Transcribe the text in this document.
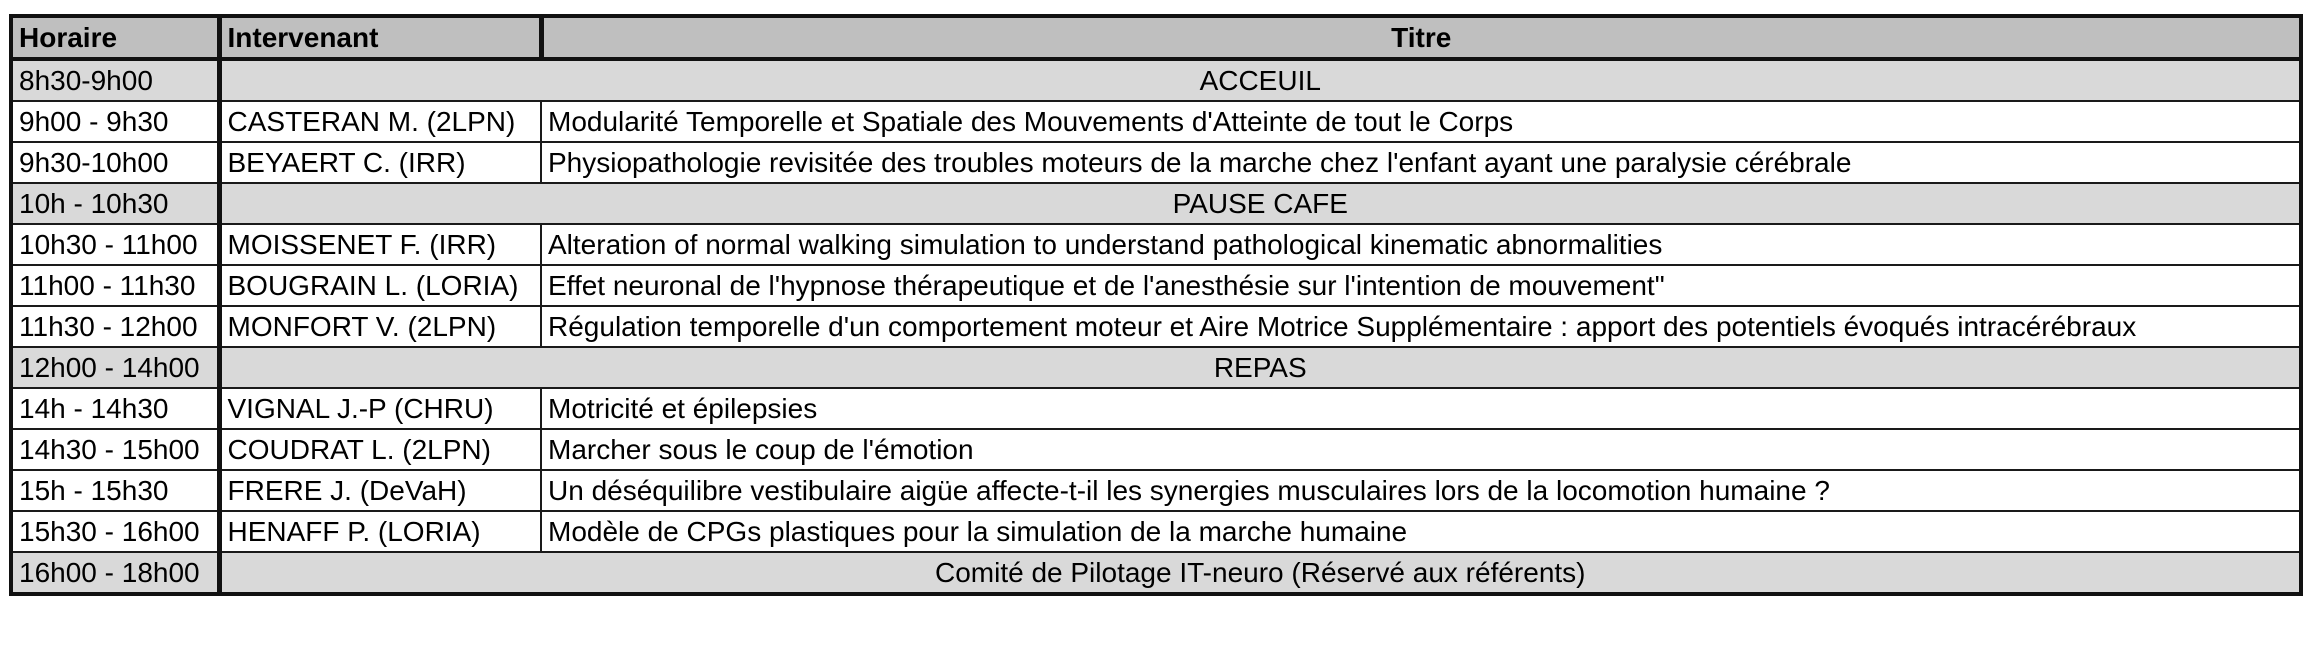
Horaire	Intervenant	Titre
8h30-9h00	ACCEUIL	
9h00 - 9h30	CASTERAN M. (2LPN)	Modularité Temporelle et Spatiale des Mouvements d'Atteinte de tout le Corps
9h30-10h00	BEYAERT C. (IRR)	Physiopathologie revisitée des troubles moteurs de la marche chez l'enfant ayant une paralysie cérébrale
10h - 10h30	PAUSE CAFE	
10h30 - 11h00	MOISSENET F. (IRR)	Alteration of normal walking simulation to understand pathological kinematic abnormalities
11h00 - 11h30	BOUGRAIN L. (LORIA)	Effet neuronal de l'hypnose thérapeutique et de l'anesthésie sur l'intention de mouvement"
11h30 - 12h00	MONFORT V. (2LPN)	Régulation temporelle d'un comportement moteur et Aire Motrice Supplémentaire : apport des potentiels évoqués intracérébraux
12h00 - 14h00	REPAS	
14h - 14h30	VIGNAL J.-P (CHRU)	Motricité et épilepsies
14h30 - 15h00	COUDRAT L. (2LPN)	Marcher sous le coup de l'émotion
15h - 15h30	FRERE J. (DeVaH)	Un déséquilibre vestibulaire aigüe affecte-t-il les synergies musculaires lors de la locomotion humaine ?
15h30 - 16h00	HENAFF P. (LORIA)	Modèle de CPGs plastiques pour la simulation de la marche humaine
16h00 - 18h00	Comité de Pilotage IT-neuro (Réservé aux référents)	
